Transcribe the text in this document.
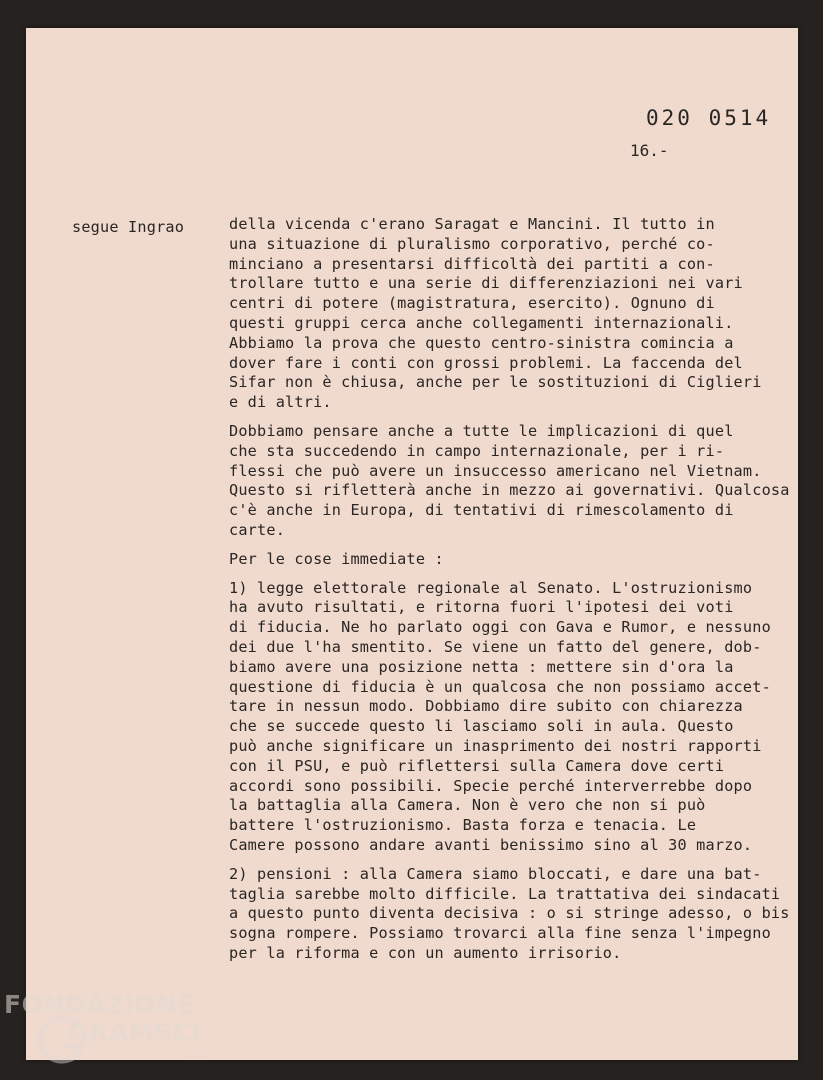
020 0514
16.-
segue Ingrao	della vicenda c'erano Saragat e Mancini. Il tutto in
una situazione di pluralismo corporativo, perché co-
minciano a presentarsi difficoltà dei partiti a con-
trollare tutto e una serie di differenziazioni nei vari
centri di potere (magistratura, esercito). Ognuno di
questi gruppi cerca anche collegamenti internazionali.
Abbiamo la prova che questo centro-sinistra comincia a
dover fare i conti con grossi problemi. La faccenda del
Sifar non è chiusa, anche per le sostituzioni di Ciglieri
e di altri.
Dobbiamo pensare anche a tutte le implicazioni di quel
che sta succedendo in campo internazionale, per i ri-
flessi che può avere un insuccesso americano nel Vietnam.
Questo si rifletterà anche in mezzo ai governativi. Qualcosa
c'è anche in Europa, di tentativi di rimescolamento di
carte.
Per le cose immediate :
1) legge elettorale regionale al Senato. L'ostruzionismo
ha avuto risultati, e ritorna fuori l'ipotesi dei voti
di fiducia. Ne ho parlato oggi con Gava e Rumor, e nessuno
dei due l'ha smentito. Se viene un fatto del genere, dob-
biamo avere una posizione netta : mettere sin d'ora la
questione di fiducia è un qualcosa che non possiamo accet-
tare in nessun modo. Dobbiamo dire subito con chiarezza
che se succede questo li lasciamo soli in aula. Questo
può anche significare un inasprimento dei nostri rapporti
con il PSU, e può riflettersi sulla Camera dove certi
accordi sono possibili. Specie perché interverrebbe dopo
la battaglia alla Camera. Non è vero che non si può
battere l'ostruzionismo. Basta forza e tenacia. Le
Camere possono andare avanti benissimo sino al 30 marzo.
2) pensioni : alla Camera siamo bloccati, e dare una bat-
taglia sarebbe molto difficile. La trattativa dei sindacati
a questo punto diventa decisiva : o si stringe adesso, o bis
sogna rompere. Possiamo trovarci alla fine senza l'impegno
per la riforma e con un aumento irrisorio.
FONDAZIONE
GRAMSCI
onlus
